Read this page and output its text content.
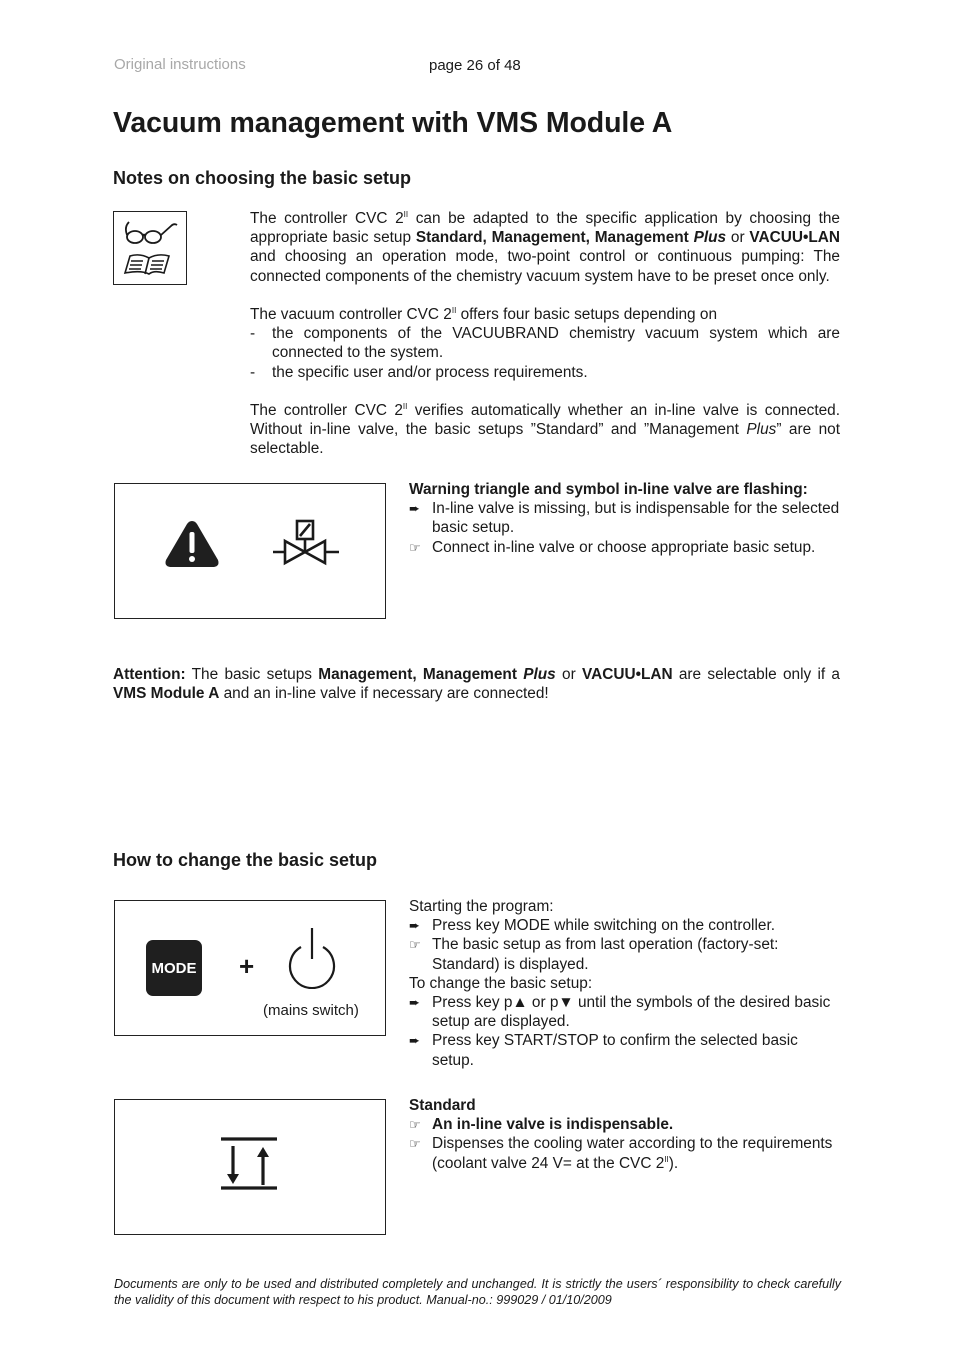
Original instructions	page 26 of 48
Vacuum management with VMS Module A
Notes on choosing the basic setup
The controller CVC $2^{II}$ can be adapted to the specific application by choosing the appropriate basic setup Standard, Management, Management Plus or VACUU•LAN and choosing an operation mode, two-point control or continuous pumping: The connected components of the chemistry vacuum system have to be preset once only.
The vacuum controller CVC $2^{II}$ offers four basic setups depending on
- the components of the VACUUBRAND chemistry vacuum system which are connected to the system.
- the specific user and/or process requirements.
The controller CVC $2^{II}$ verifies automatically whether an in-line valve is connected. Without in-line valve, the basic setups ”Standard” and ”Management Plus” are not selectable.
Warning triangle and symbol in-line valve are flashing:
➨ In-line valve is missing, but is indispensable for the selected basic setup.
☞ Connect in-line valve or choose appropriate basic setup.
Attention: The basic setups Management, Management Plus or VACUU•LAN are selectable only if a VMS Module A and an in-line valve if necessary are connected!
How to change the basic setup
MODE +
(mains switch)
Starting the program:
➨ Press key MODE while switching on the controller.
☞ The basic setup as from last operation (factory-set: Standard) is displayed.
To change the basic setup:
➨ Press key p▲ or p▼ until the symbols of the desired basic setup are displayed.
➨ Press key START/STOP to confirm the selected basic setup.
Standard
☞ An in-line valve is indispensable.
☞ Dispenses the cooling water according to the requirements (coolant valve 24 V= at the CVC $2^{II}$).
Documents are only to be used and distributed completely and unchanged. It is strictly the users´ responsibility to check carefully the validity of this document with respect to his product. Manual-no.: 999029 / 01/10/2009
